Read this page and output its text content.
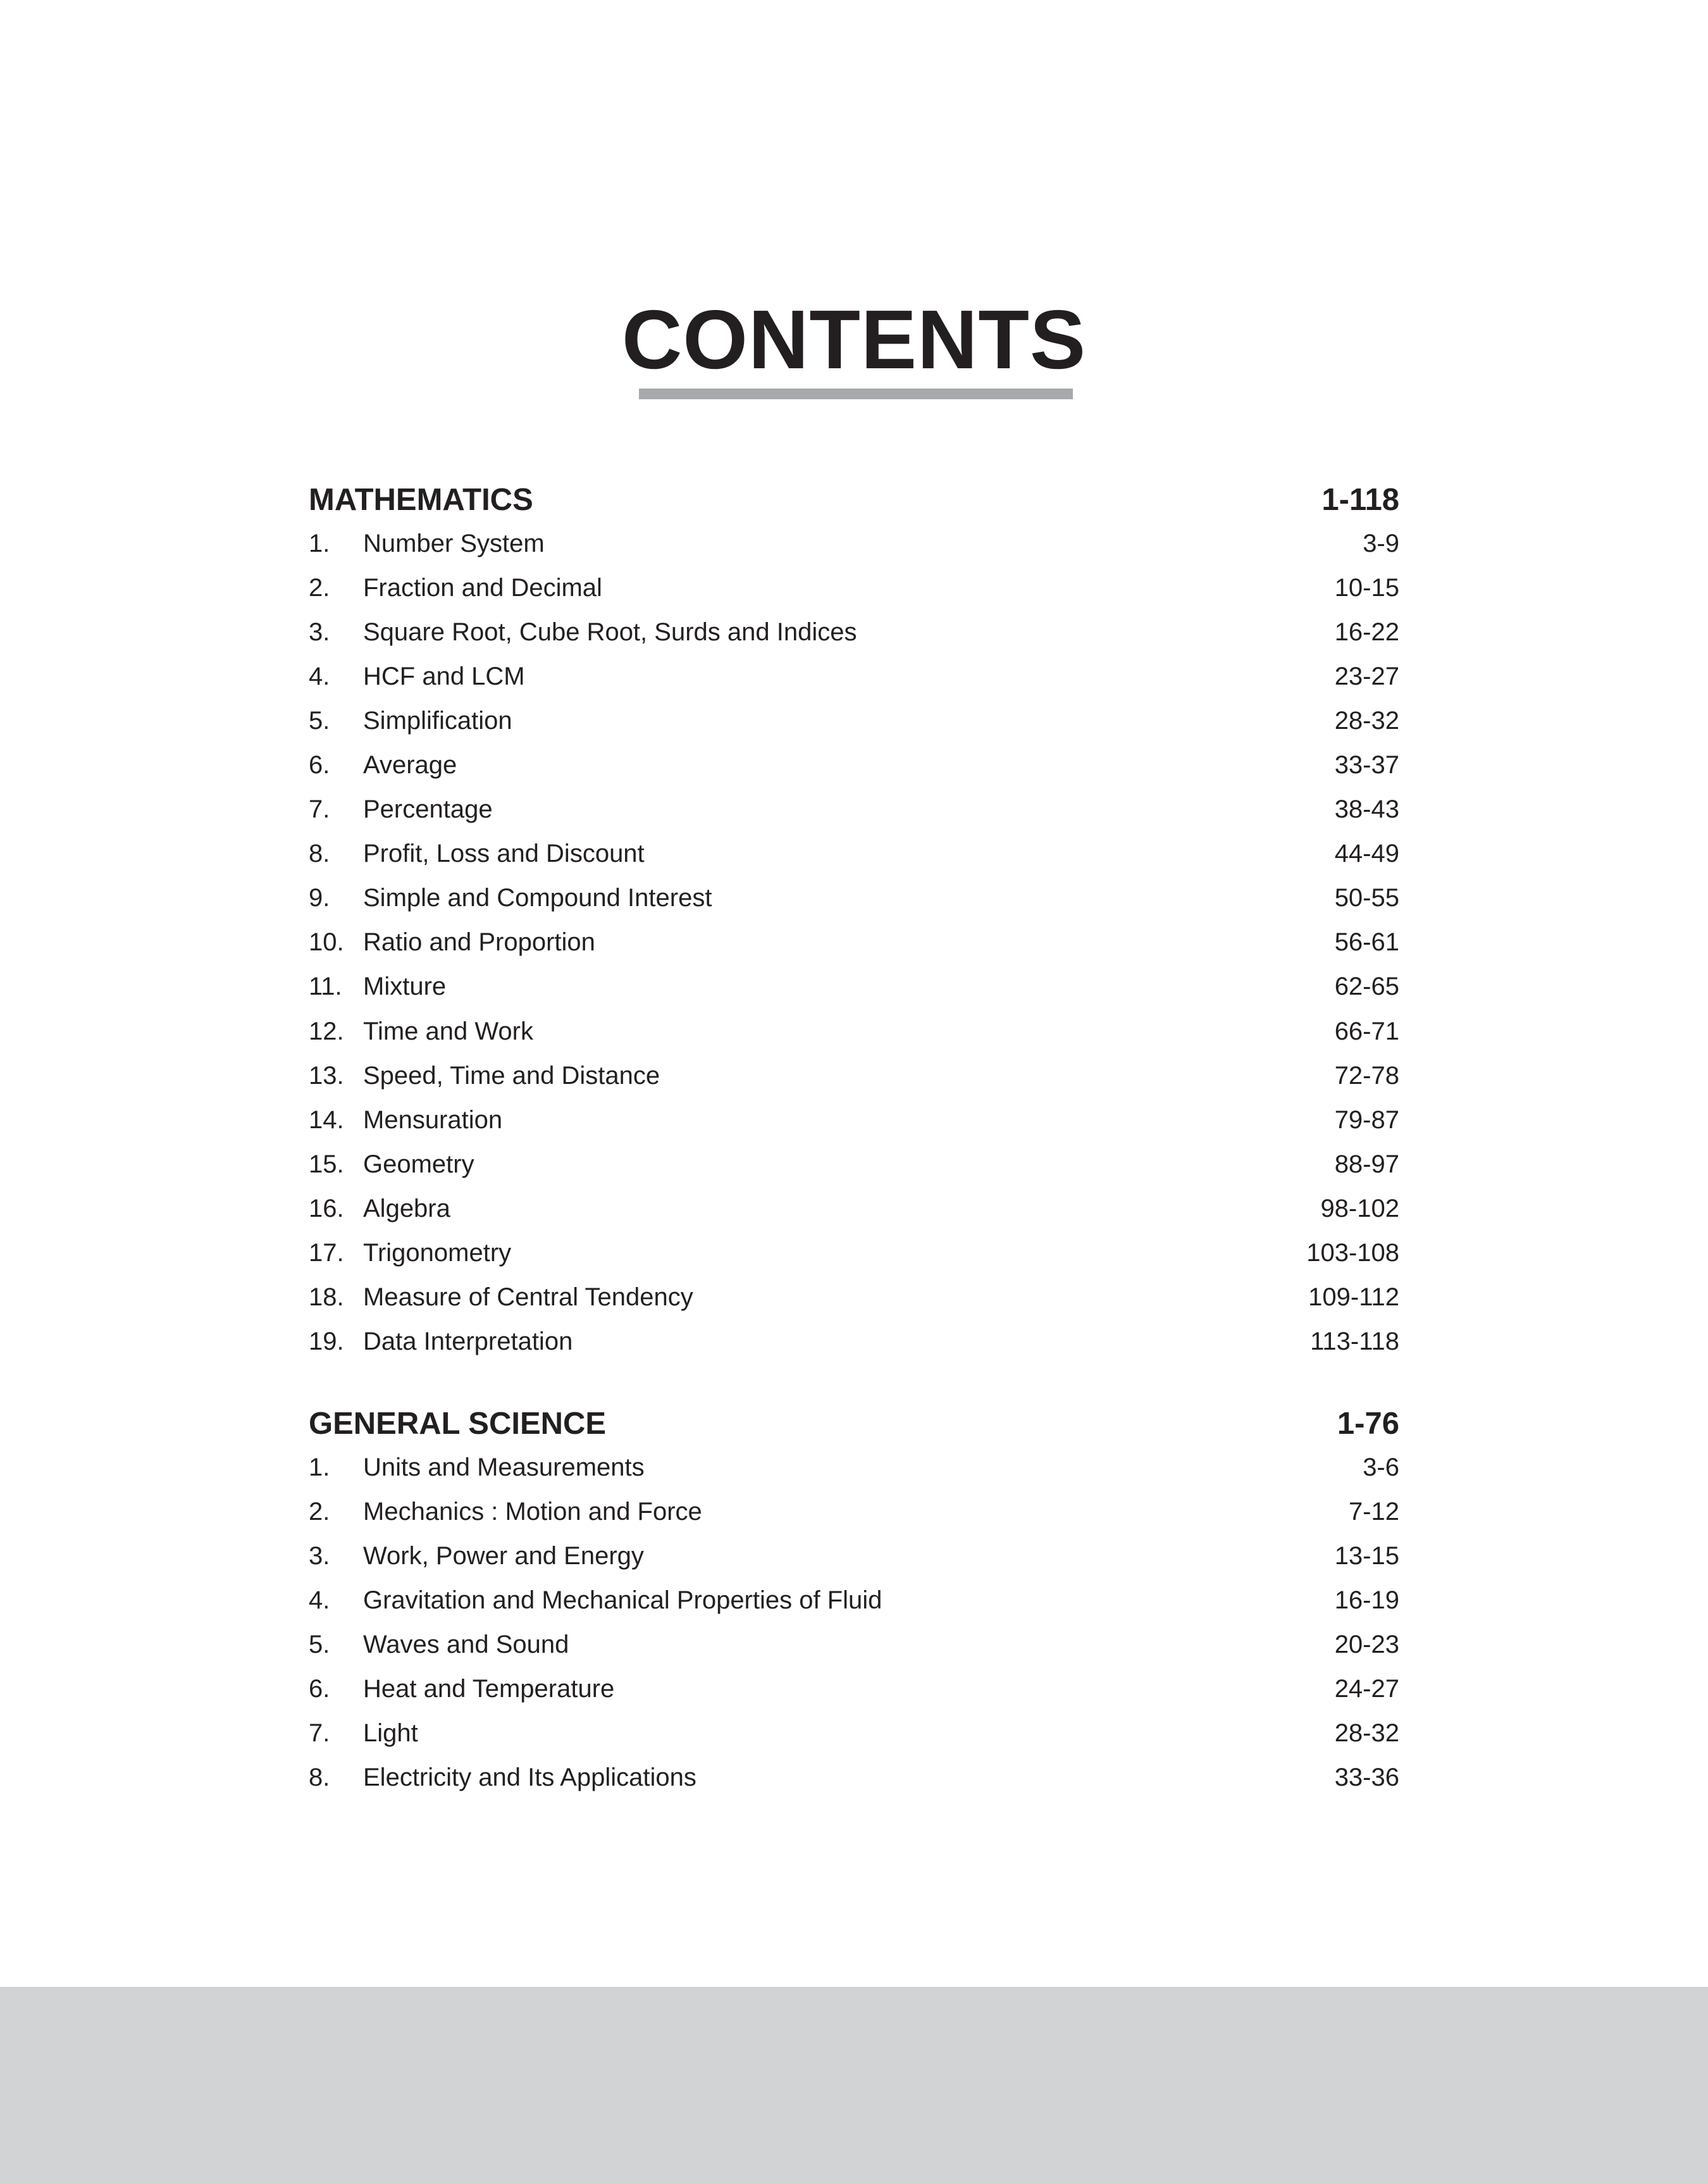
CONTENTS
MATHEMATICS	1-118
1.	Number System	3-9
2.	Fraction and Decimal	10-15
3.	Square Root, Cube Root, Surds and Indices	16-22
4.	HCF and LCM	23-27
5.	Simplification	28-32
6.	Average	33-37
7.	Percentage	38-43
8.	Profit, Loss and Discount	44-49
9.	Simple and Compound Interest	50-55
10. Ratio and Proportion	56-61
11. Mixture	62-65
12. Time and Work	66-71
13. Speed, Time and Distance	72-78
14. Mensuration	79-87
15. Geometry	88-97
16. Algebra	98-102
17. Trigonometry	103-108
18. Measure of Central Tendency	109-112
19. Data Interpretation	113-118
GENERAL SCIENCE	1-76
1.	Units and Measurements	3-6
2.	Mechanics : Motion and Force	7-12
3.	Work, Power and Energy	13-15
4.	Gravitation and Mechanical Properties of Fluid	16-19
5.	Waves and Sound	20-23
6.	Heat and Temperature	24-27
7.	Light	28-32
8.	Electricity and Its Applications	33-36
